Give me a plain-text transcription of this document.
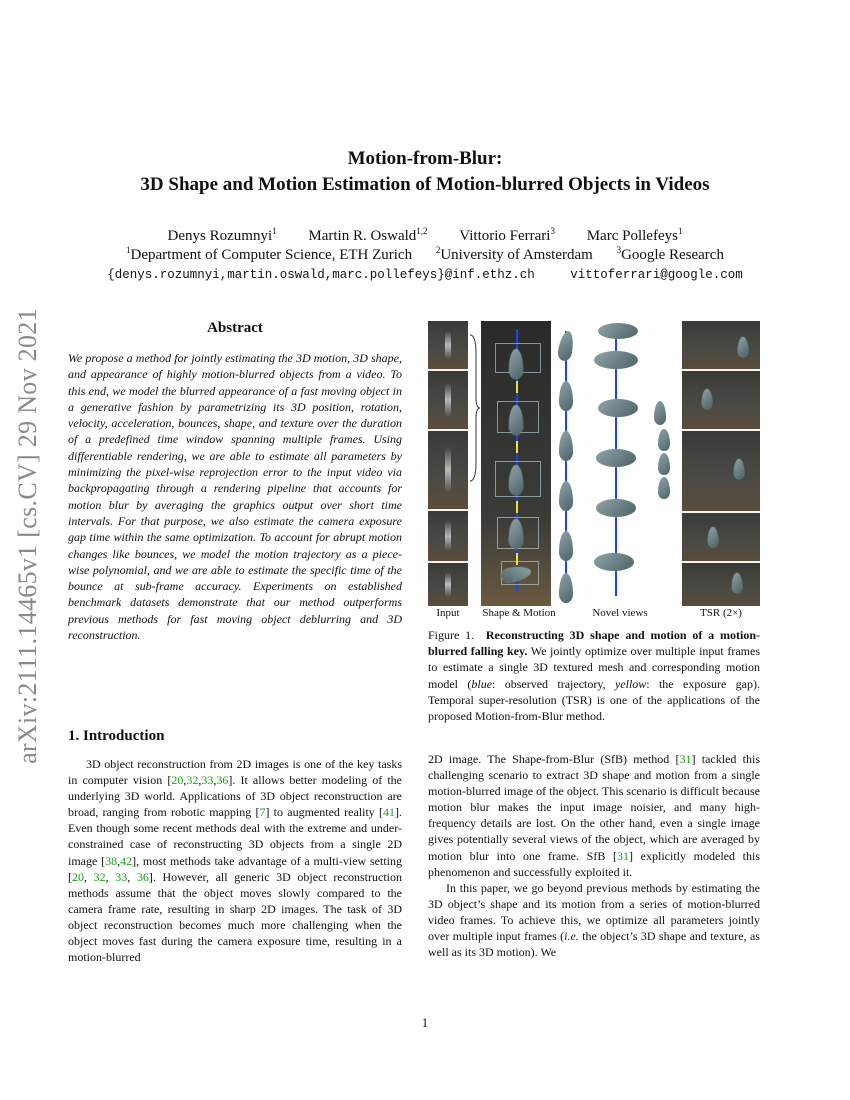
arXiv:2111.14465v1 [cs.CV] 29 Nov 2021
Motion-from-Blur:
3D Shape and Motion Estimation of Motion-blurred Objects in Videos
Denys Rozumnyi$^1$ Martin R. Oswald$^{1,2}$ Vittorio Ferrari$^3$ Marc Pollefeys$^1$
$^1$Department of Computer Science, ETH Zurich	$^2$University of Amsterdam	$^3$Google Research
{denys.rozumnyi,martin.oswald,marc.pollefeys}@inf.ethz.ch	vittoferrari@google.com
Abstract
We propose a method for jointly estimating the 3D motion, 3D shape, and appearance of highly motion-blurred objects from a video. To this end, we model the blurred appearance of a fast moving object in a generative fashion by parametrizing its 3D position, rotation, velocity, acceleration, bounces, shape, and texture over the duration of a predefined time window spanning multiple frames. Using differentiable rendering, we are able to estimate all parameters by minimizing the pixel-wise reprojection error to the input video via backpropagating through a rendering pipeline that accounts for motion blur by averaging the graphics output over short time intervals. For that purpose, we also estimate the camera exposure gap time within the same optimization. To account for abrupt motion changes like bounces, we model the motion trajectory as a piece-wise polynomial, and we are able to estimate the specific time of the bounce at sub-frame accuracy. Experiments on established benchmark datasets demonstrate that our method outperforms previous methods for fast moving object deblurring and 3D reconstruction.
Input	Shape & Motion	Novel views	TSR (2×)
Figure 1. Reconstructing 3D shape and motion of a motion-blurred falling key. We jointly optimize over multiple input frames to estimate a single 3D textured mesh and corresponding motion model (blue: observed trajectory, yellow: the exposure gap). Temporal super-resolution (TSR) is one of the applications of the proposed Motion-from-Blur method.
1. Introduction
3D object reconstruction from 2D images is one of the key tasks in computer vision [20,32,33,36]. It allows better modeling of the underlying 3D world. Applications of 3D object reconstruction are broad, ranging from robotic mapping [7] to augmented reality [41]. Even though some recent methods deal with the extreme and under-constrained case of reconstructing 3D objects from a single 2D image [38,42], most methods take advantage of a multi-view setting [20, 32, 33, 36]. However, all generic 3D object reconstruction methods assume that the object moves slowly compared to the camera frame rate, resulting in sharp 2D images. The task of 3D object reconstruction becomes much more challenging when the object moves fast during the camera exposure time, resulting in a motion-blurred
2D image. The Shape-from-Blur (SfB) method [31] tackled this challenging scenario to extract 3D shape and motion from a single motion-blurred image of the object. This scenario is difficult because motion blur makes the input image noisier, and many high-frequency details are lost. On the other hand, even a single image gives potentially several views of the object, which are averaged by motion blur into one frame. SfB [31] explicitly modeled this phenomenon and successfully exploited it.
In this paper, we go beyond previous methods by estimating the 3D object’s shape and its motion from a series of motion-blurred video frames. To achieve this, we optimize all parameters jointly over multiple input frames (i.e. the object’s 3D shape and texture, as well as its 3D motion). We
1
